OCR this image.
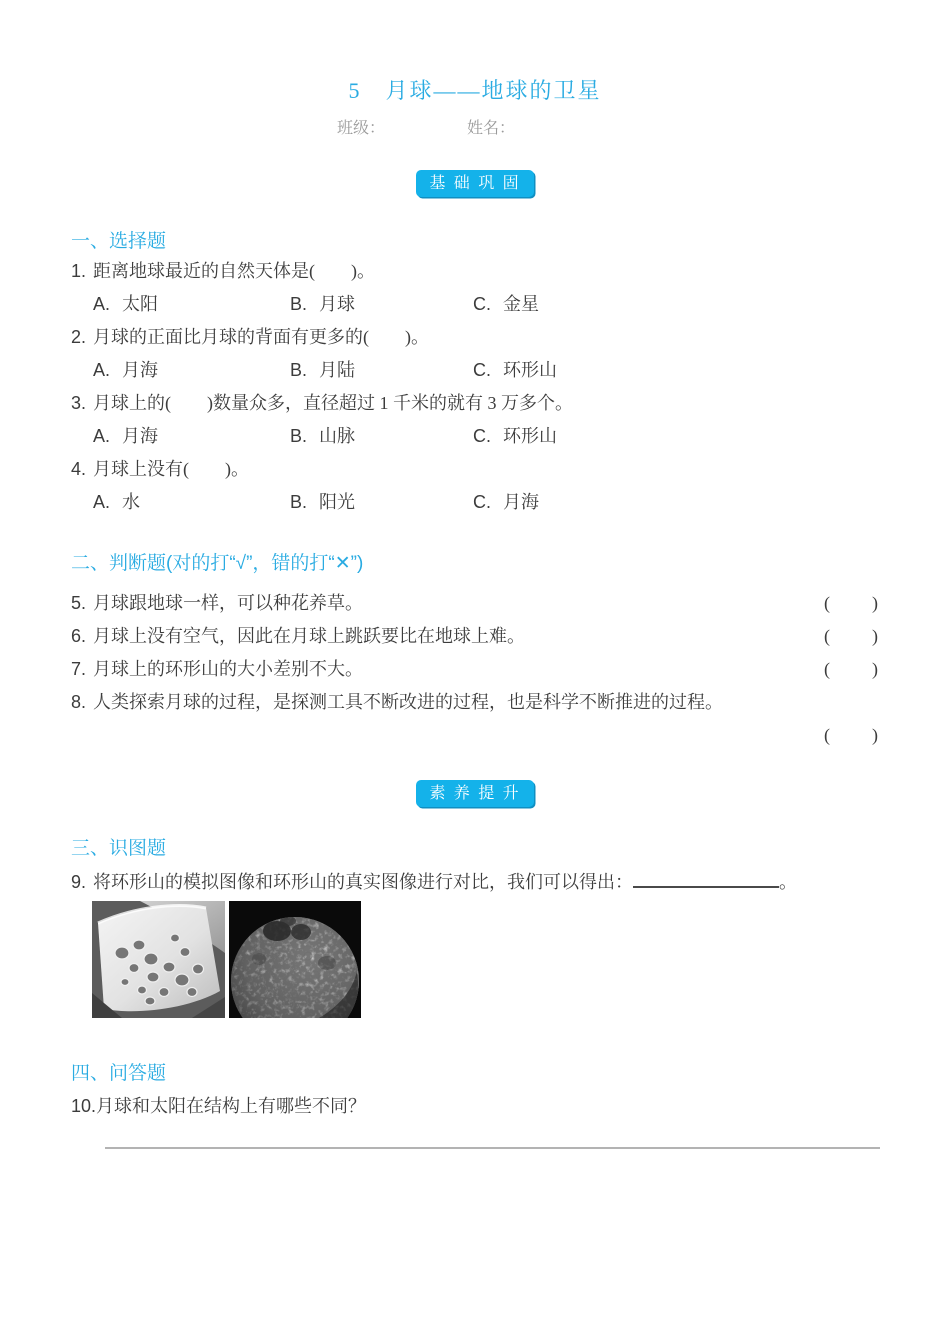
5　月球——地球的卫星
班级：	姓名：
基 础 巩 固
一、选择题
1. 距离地球最近的自然天体是(　　)。
A. 太阳	B. 月球	C. 金星
2. 月球的正面比月球的背面有更多的(　　)。
A. 月海	B. 月陆	C. 环形山
3. 月球上的(　　)数量众多，直径超过 1 千米的就有 3 万多个。
A. 月海	B. 山脉	C. 环形山
4. 月球上没有(　　)。
A. 水	B. 阳光	C. 月海
二、判断题(对的打“√”，错的打“✕”)
5. 月球跟地球一样，可以种花养草。	(　　)
6. 月球上没有空气，因此在月球上跳跃要比在地球上难。	(　　)
7. 月球上的环形山的大小差别不大。	(　　)
8. 人类探索月球的过程，是探测工具不断改进的过程，也是科学不断推进的过程。
(　　)
素 养 提 升
三、识图题
9. 将环形山的模拟图像和环形山的真实图像进行对比，我们可以得出：	。
四、问答题
10.月球和太阳在结构上有哪些不同？
